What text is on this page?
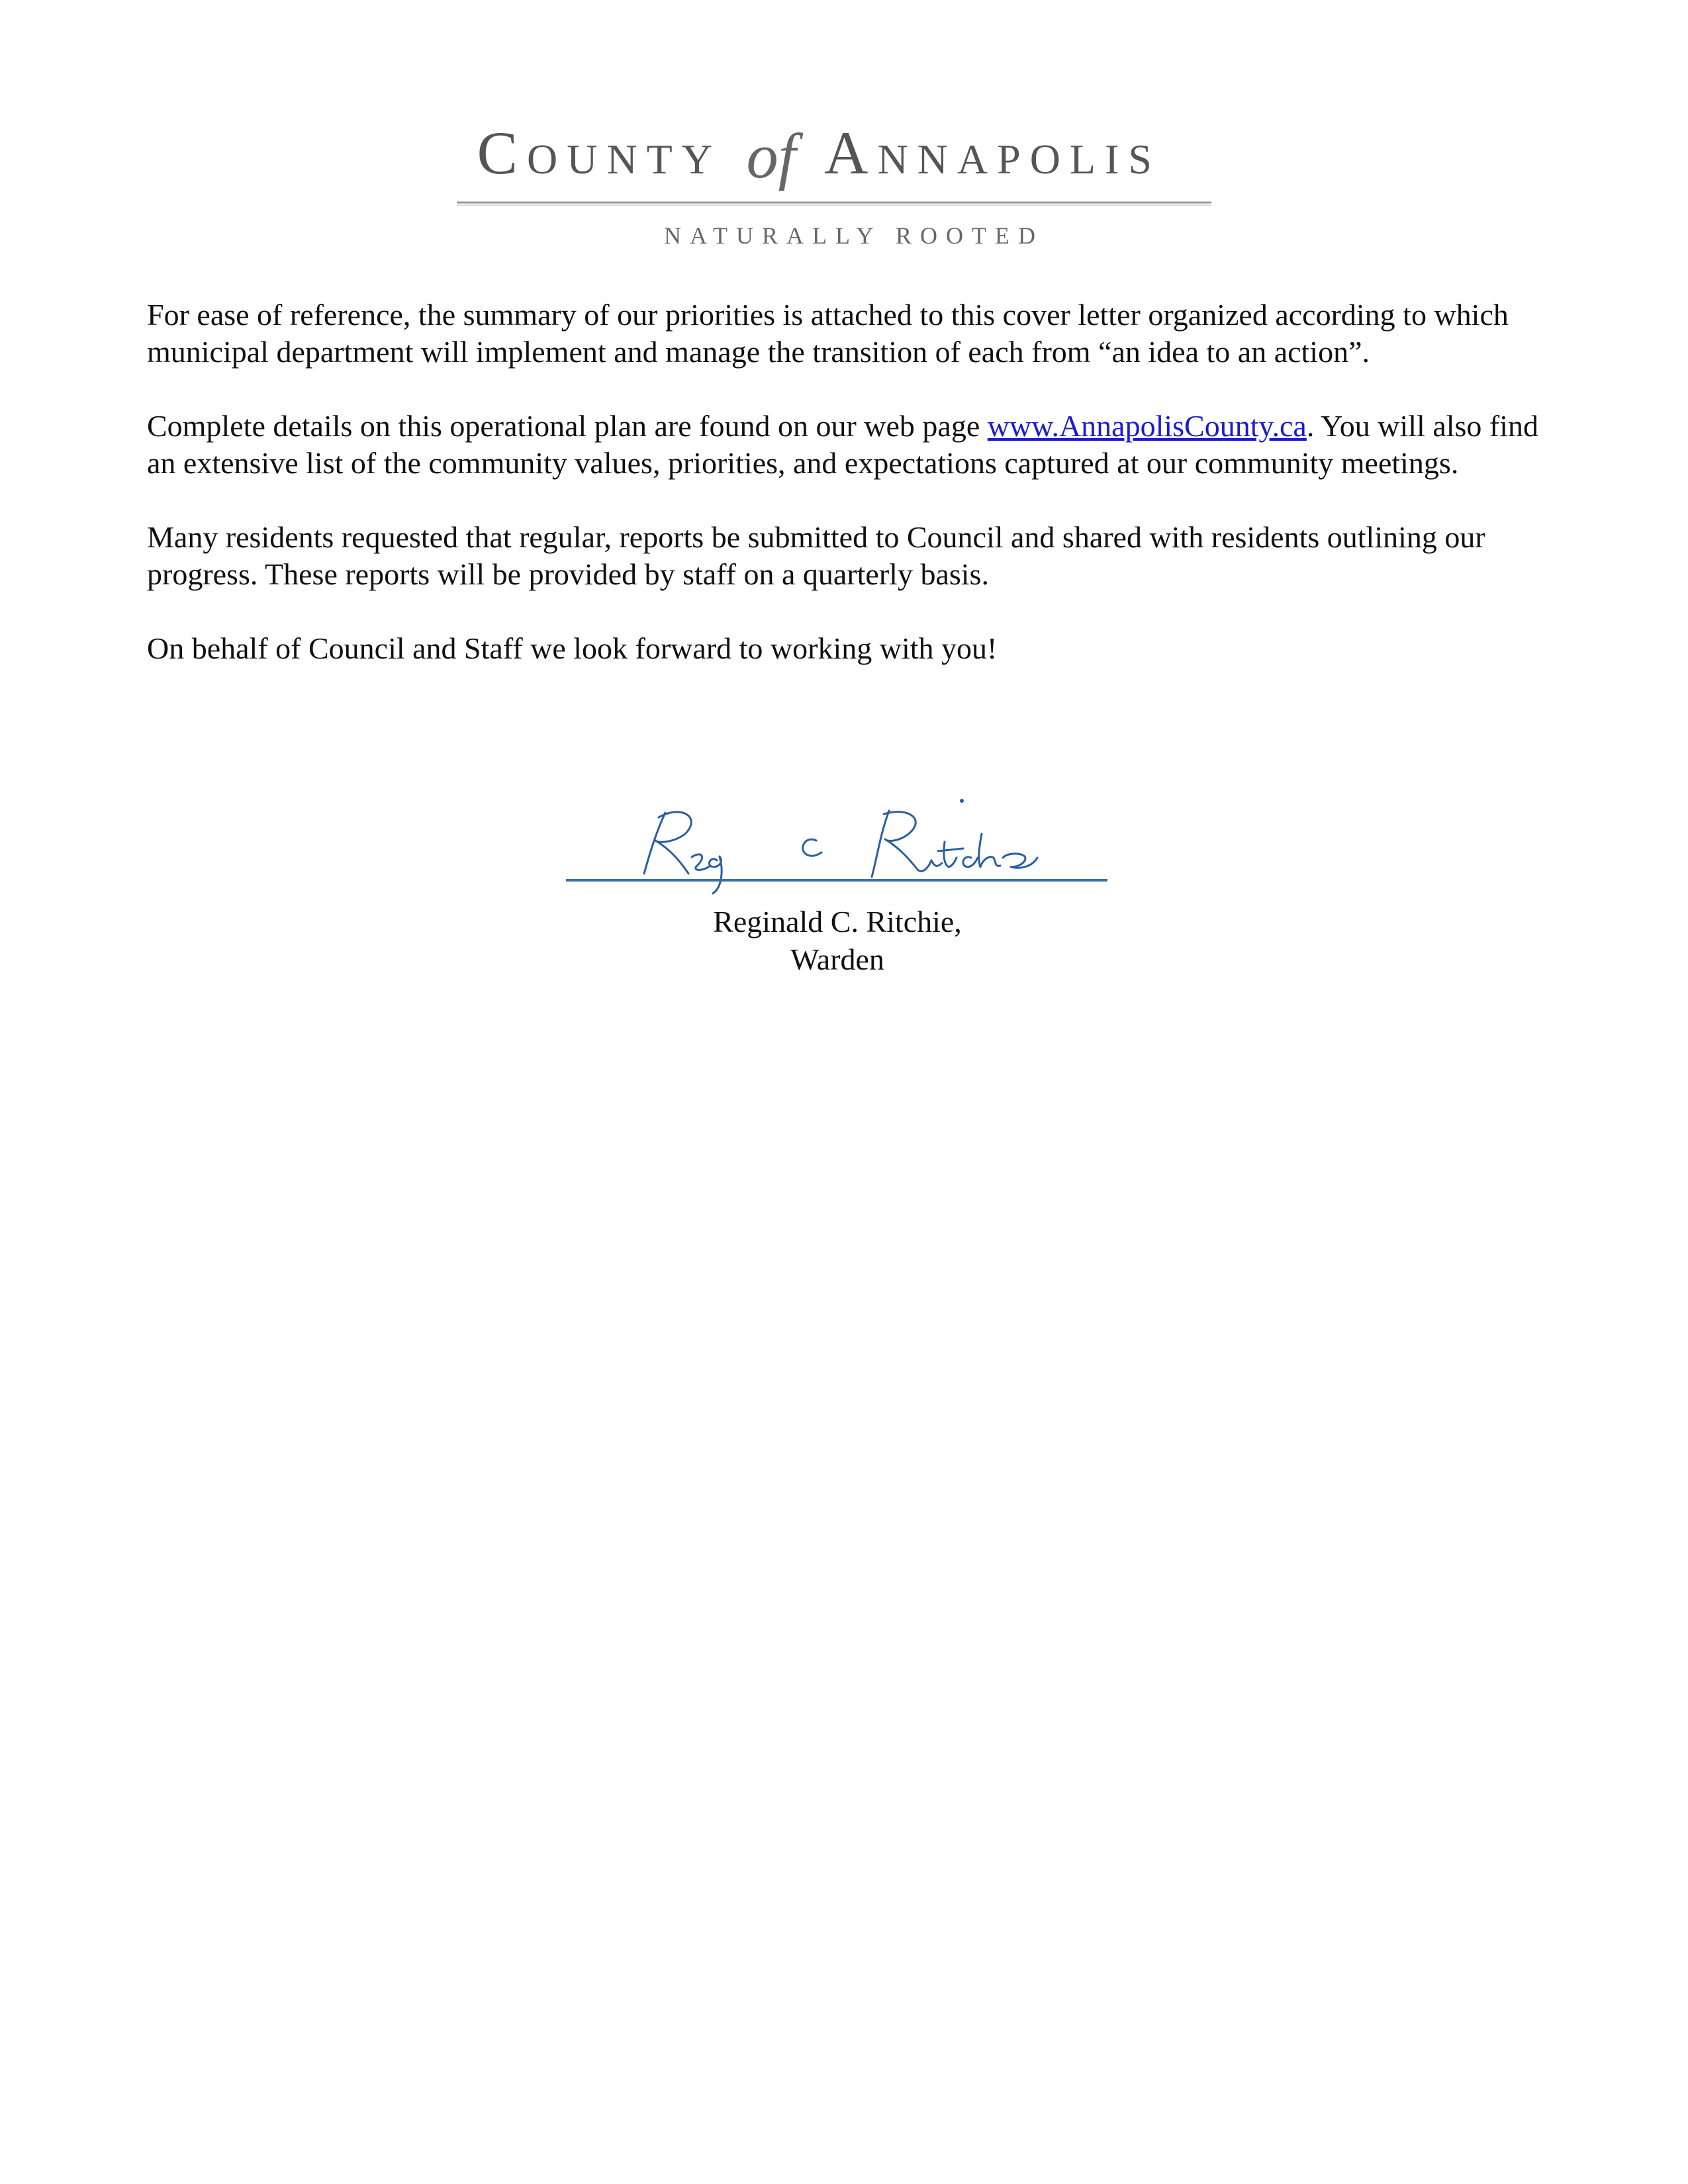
County of Annapolis
NATURALLY ROOTED

For ease of reference, the summary of our priorities is attached to this cover letter organized according to which municipal department will implement and manage the transition of each from “an idea to an action”.

Complete details on this operational plan are found on our web page www.AnnapolisCounty.ca. You will also find an extensive list of the community values, priorities, and expectations captured at our community meetings.

Many residents requested that regular, reports be submitted to Council and shared with residents outlining our progress. These reports will be provided by staff on a quarterly basis.

On behalf of Council and Staff we look forward to working with you!

Reginald C. Ritchie,
Warden
